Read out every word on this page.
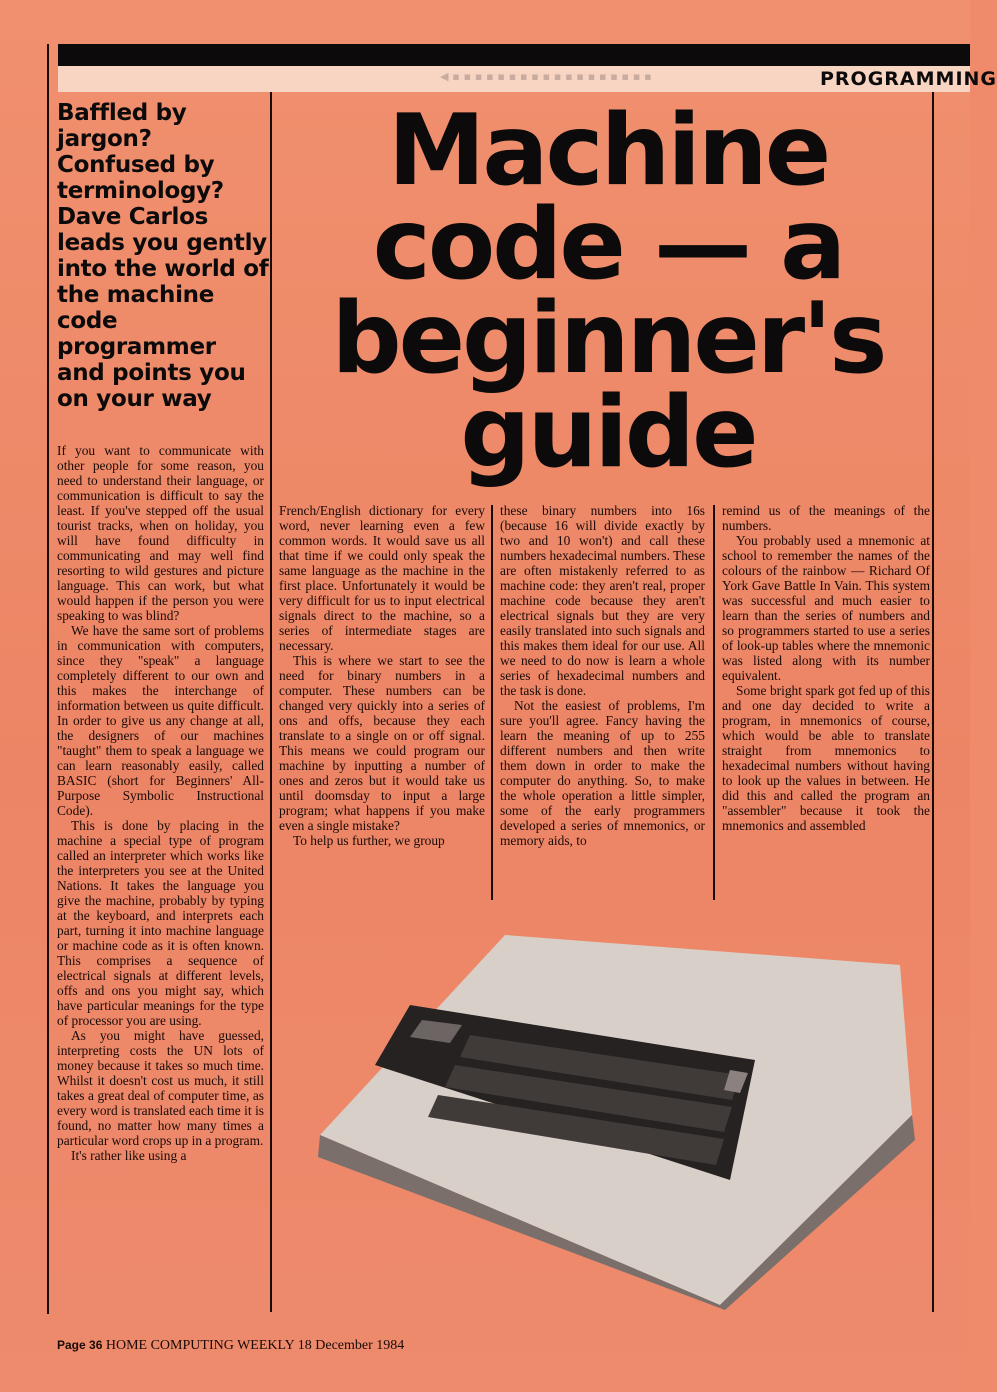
◀ ▪ ▪ ▪ ▪ ▪ ▪ ▪ ▪ ▪ ▪ ▪ ▪ ▪ ▪ ▪ ▪ ▪ ▪	PROGRAMMING
Baffled by jargon? Confused by terminology? Dave Carlos leads you gently into the world of the machine code programmer and points you on your way
Machine
code — a
beginner's
guide

If you want to communicate with other people for some reason, you need to understand their language, or communication is difficult to say the least. If you've stepped off the usual tourist tracks, when on holiday, you will have found difficulty in communicating and may well find resorting to wild gestures and picture language. This can work, but what would happen if the person you were speaking to was blind?

We have the same sort of problems in communication with computers, since they "speak" a language completely different to our own and this makes the interchange of information between us quite difficult. In order to give us any change at all, the designers of our machines "taught" them to speak a language we can learn reasonably easily, called BASIC (short for Beginners' All-Purpose Symbolic Instructional Code).

This is done by placing in the machine a special type of program called an interpreter which works like the interpreters you see at the United Nations. It takes the language you give the machine, probably by typing at the keyboard, and interprets each part, turning it into machine language or machine code as it is often known. This comprises a sequence of electrical signals at different levels, offs and ons you might say, which have particular meanings for the type of processor you are using.

As you might have guessed, interpreting costs the UN lots of money because it takes so much time. Whilst it doesn't cost us much, it still takes a great deal of computer time, as every word is translated each time it is found, no matter how many times a particular word crops up in a program.

It's rather like using a

French/English dictionary for every word, never learning even a few common words. It would save us all that time if we could only speak the same language as the machine in the first place. Unfortunately it would be very difficult for us to input electrical signals direct to the machine, so a series of intermediate stages are necessary.

This is where we start to see the need for binary numbers in a computer. These numbers can be changed very quickly into a series of ons and offs, because they each translate to a single on or off signal. This means we could program our machine by inputting a number of ones and zeros but it would take us until doomsday to input a large program; what happens if you make even a single mistake?

To help us further, we group

these binary numbers into 16s (because 16 will divide exactly by two and 10 won't) and call these numbers hexadecimal numbers. These are often mistakenly referred to as machine code: they aren't real, proper machine code because they aren't electrical signals but they are very easily translated into such signals and this makes them ideal for our use. All we need to do now is learn a whole series of hexadecimal numbers and the task is done.

Not the easiest of problems, I'm sure you'll agree. Fancy having the learn the meaning of up to 255 different numbers and then write them down in order to make the computer do anything. So, to make the whole operation a little simpler, some of the early programmers developed a series of mnemonics, or memory aids, to

remind us of the meanings of the numbers.

You probably used a mnemonic at school to remember the names of the colours of the rainbow — Richard Of York Gave Battle In Vain. This system was successful and much easier to learn than the series of numbers and so programmers started to use a series of look-up tables where the mnemonic was listed along with its number equivalent.

Some bright spark got fed up of this and one day decided to write a program, in mnemonics of course, which would be able to translate straight from mnemonics to hexadecimal numbers without having to look up the values in between. He did this and called the program an "assembler" because it took the mnemonics and assembled

Page 36 HOME COMPUTING WEEKLY 18 December 1984
